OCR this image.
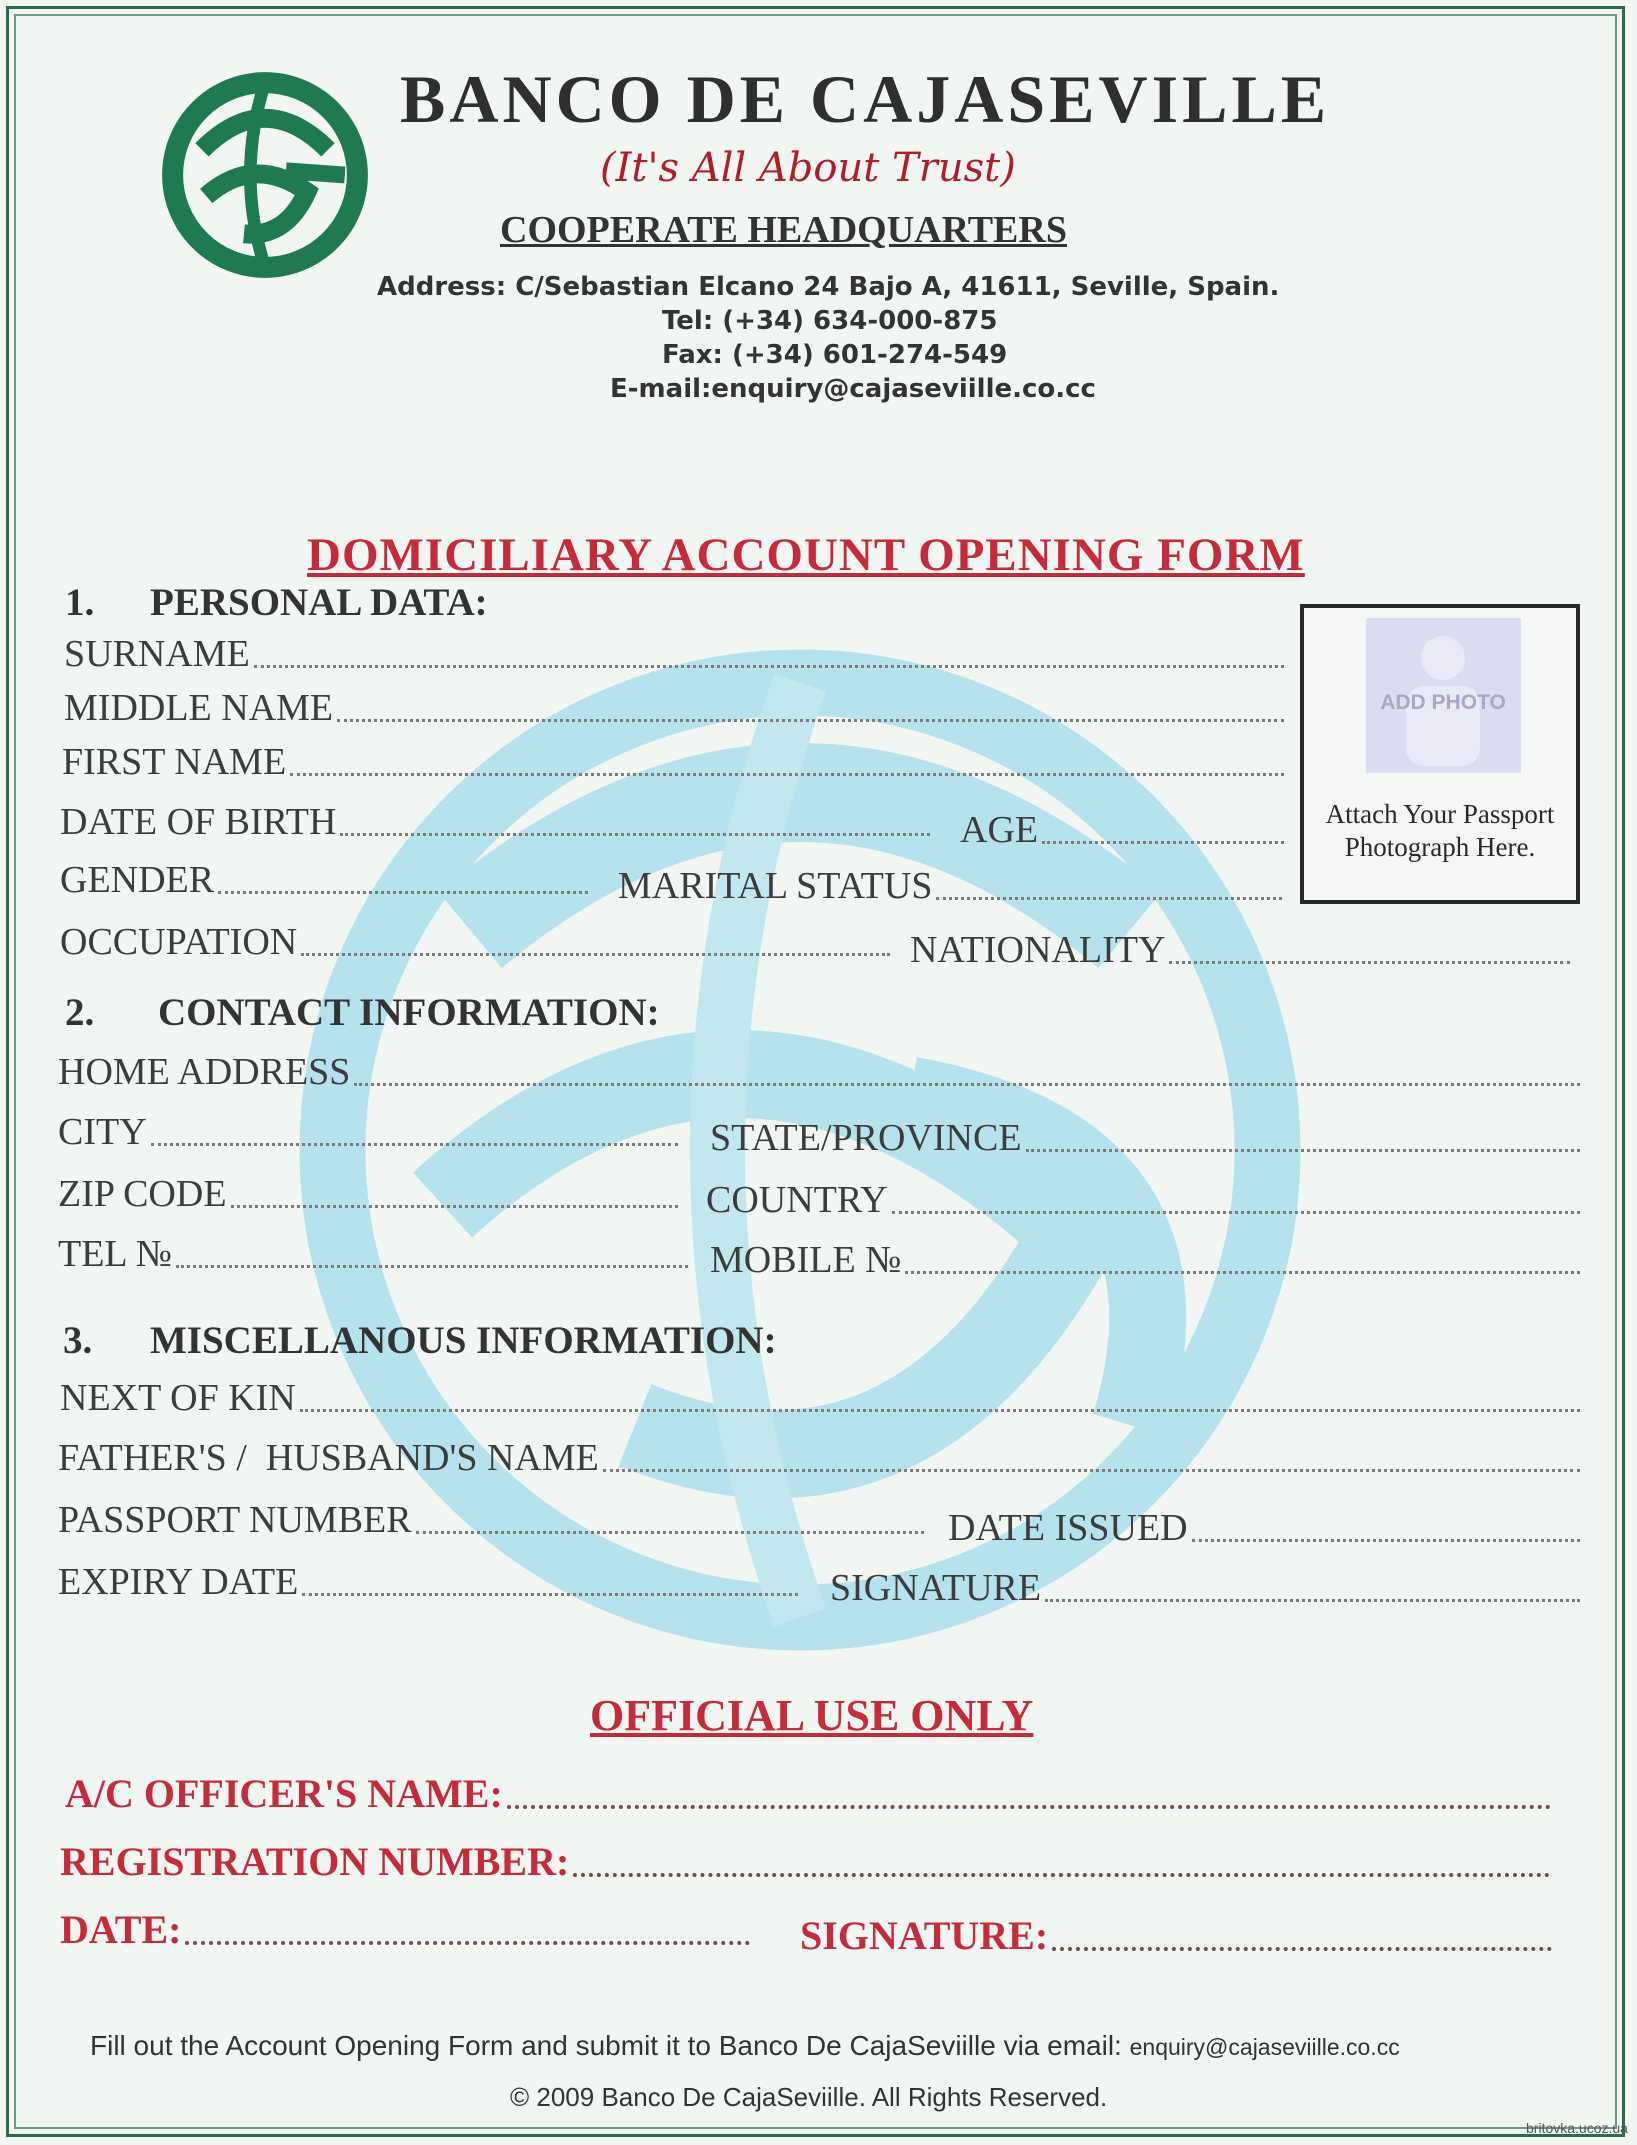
BANCO DE CAJASEVILLE
(It's All About Trust)
COOPERATE HEADQUARTERS
Address: C/Sebastian Elcano 24 Bajo A, 41611, Seville, Spain.
Tel: (+34) 634-000-875
Fax: (+34) 601-274-549
E-mail:enquiry@cajaseviille.co.cc
DOMICILIARY ACCOUNT OPENING FORM
1. PERSONAL DATA:
SURNAME
MIDDLE NAME
FIRST NAME
DATE OF BIRTH	AGE
GENDER	MARITAL STATUS
OCCUPATION	NATIONALITY
ADD PHOTO
Attach Your Passport Photograph Here.
2. CONTACT INFORMATION:
HOME ADDRESS
CITY	STATE/PROVINCE
ZIP CODE	COUNTRY
TEL №	MOBILE №
3. MISCELLANOUS INFORMATION:
NEXT OF KIN
FATHER'S /  HUSBAND'S NAME
PASSPORT NUMBER	DATE ISSUED
EXPIRY DATE	SIGNATURE
OFFICIAL USE ONLY
A/C OFFICER'S NAME:
REGISTRATION NUMBER:
DATE:	SIGNATURE:
Fill out the Account Opening Form and submit it to Banco De CajaSeviille via email: enquiry@cajaseviille.co.cc
© 2009 Banco De CajaSeviille. All Rights Reserved.
britovka.ucoz.ua
